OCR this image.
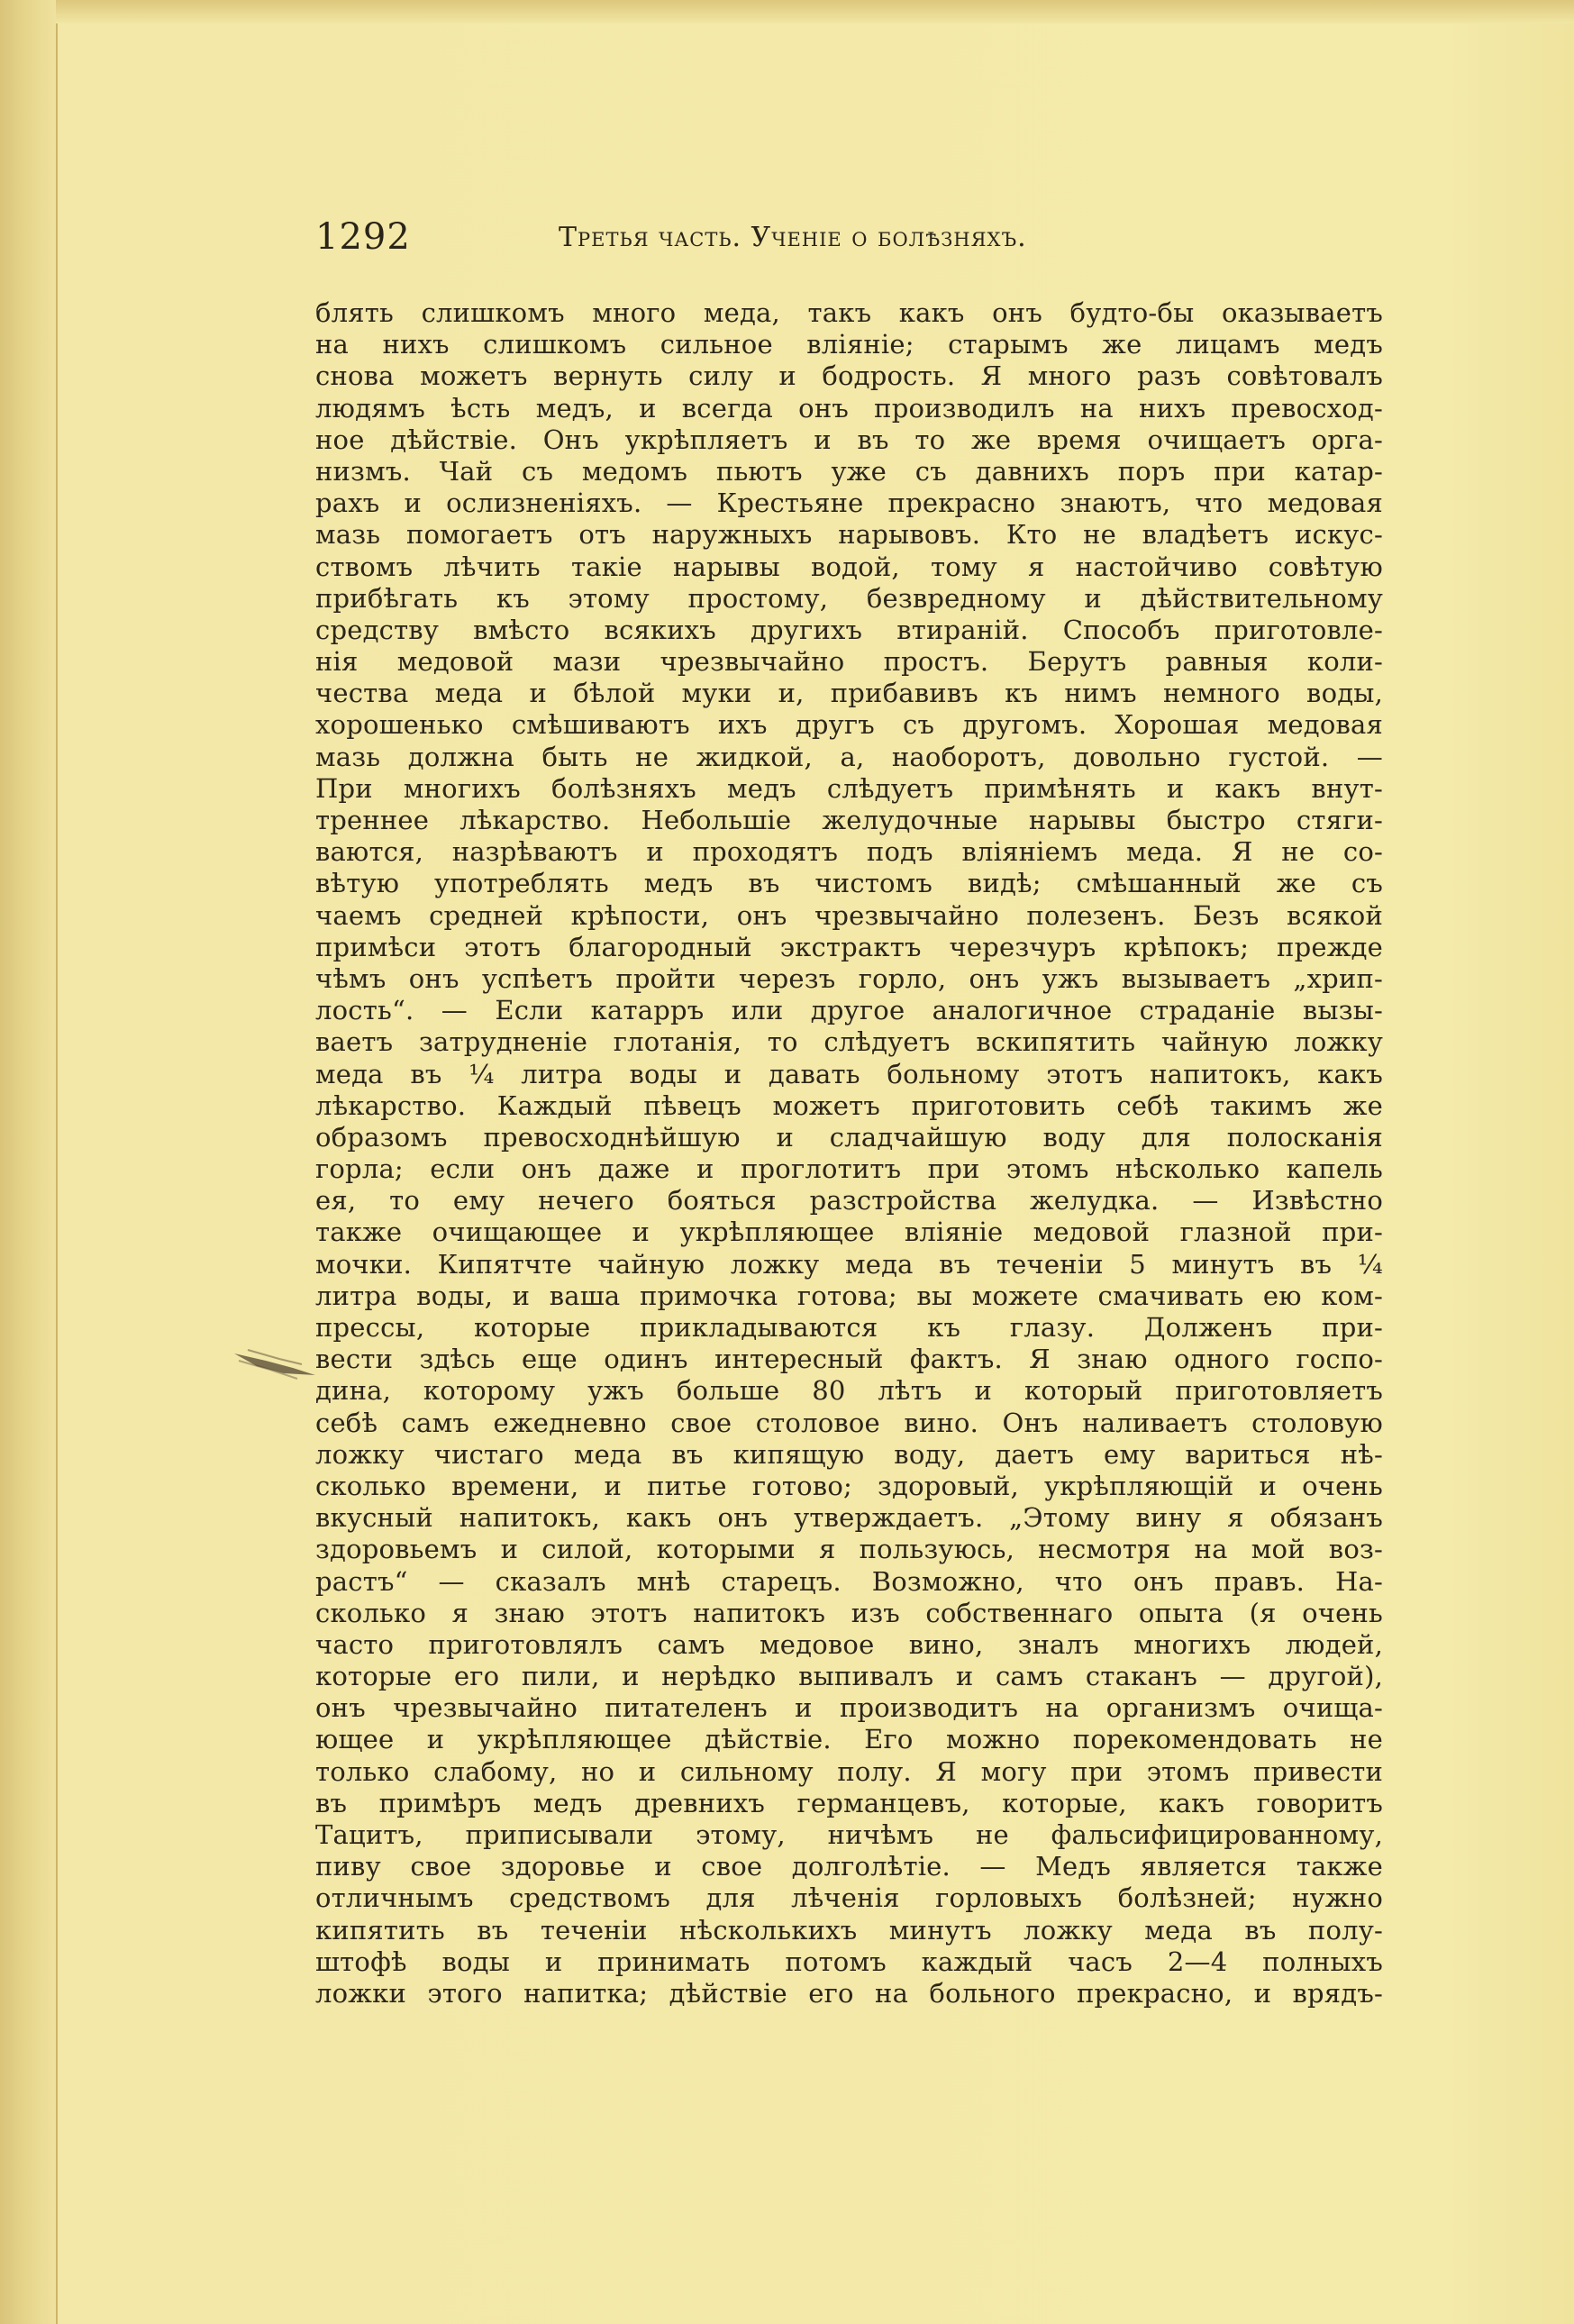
1292	Третья часть. Ученіе о болѣзняхъ.
блять слишкомъ много меда, такъ какъ онъ будто-бы оказываетъ
на нихъ слишкомъ сильное вліяніе; старымъ же лицамъ медъ
снова можетъ вернуть силу и бодрость. Я много разъ совѣтовалъ
людямъ ѣсть медъ, и всегда онъ производилъ на нихъ превосход-
ное дѣйствіе. Онъ укрѣпляетъ и въ то же время очищаетъ орга-
низмъ. Чай съ медомъ пьютъ уже съ давнихъ поръ при катар-
рахъ и ослизненіяхъ. — Крестьяне прекрасно знаютъ, что медовая
мазь помогаетъ отъ наружныхъ нарывовъ. Кто не владѣетъ искус-
ствомъ лѣчить такіе нарывы водой, тому я настойчиво совѣтую
прибѣгать къ этому простому, безвредному и дѣйствительному
средству вмѣсто всякихъ другихъ втираній. Способъ приготовле-
нія медовой мази чрезвычайно простъ. Берутъ равныя коли-
чества меда и бѣлой муки и, прибавивъ къ нимъ немного воды,
хорошенько смѣшиваютъ ихъ другъ съ другомъ. Хорошая медовая
мазь должна быть не жидкой, а, наоборотъ, довольно густой. —
При многихъ болѣзняхъ медъ слѣдуетъ примѣнять и какъ внут-
треннее лѣкарство. Небольшіе желудочные нарывы быстро стяги-
ваются, назрѣваютъ и проходятъ подъ вліяніемъ меда. Я не со-
вѣтую употреблять медъ въ чистомъ видѣ; смѣшанный же съ
чаемъ средней крѣпости, онъ чрезвычайно полезенъ. Безъ всякой
примѣси этотъ благородный экстрактъ черезчуръ крѣпокъ; прежде
чѣмъ онъ успѣетъ пройти черезъ горло, онъ ужъ вызываетъ „хрип-
лость“. — Если катарръ или другое аналогичное страданіе вызы-
ваетъ затрудненіе глотанія, то слѣдуетъ вскипятить чайную ложку
меда въ ¼ литра воды и давать больному этотъ напитокъ, какъ
лѣкарство. Каждый пѣвецъ можетъ приготовить себѣ такимъ же
образомъ превосходнѣйшую и сладчайшую воду для полосканія
горла; если онъ даже и проглотитъ при этомъ нѣсколько капель
ея, то ему нечего бояться разстройства желудка. — Извѣстно
также очищающее и укрѣпляющее вліяніе медовой глазной при-
мочки. Кипятчте чайную ложку меда въ теченіи 5 минутъ въ ¼
литра воды, и ваша примочка готова; вы можете смачивать ею ком-
прессы, которые прикладываются къ глазу. Долженъ при-
вести здѣсь еще одинъ интересный фактъ. Я знаю одного госпо-
дина, которому ужъ больше 80 лѣтъ и который приготовляетъ
себѣ самъ ежедневно свое столовое вино. Онъ наливаетъ столовую
ложку чистаго меда въ кипящую воду, даетъ ему вариться нѣ-
сколько времени, и питье готово; здоровый, укрѣпляющій и очень
вкусный напитокъ, какъ онъ утверждаетъ. „Этому вину я обязанъ
здоровьемъ и силой, которыми я пользуюсь, несмотря на мой воз-
растъ“ — сказалъ мнѣ старецъ. Возможно, что онъ правъ. На-
сколько я знаю этотъ напитокъ изъ собственнаго опыта (я очень
часто приготовлялъ самъ медовое вино, зналъ многихъ людей,
которые его пили, и нерѣдко выпивалъ и самъ стаканъ — другой),
онъ чрезвычайно питателенъ и производитъ на организмъ очища-
ющее и укрѣпляющее дѣйствіе. Его можно порекомендовать не
только слабому, но и сильному полу. Я могу при этомъ привести
въ примѣръ медъ древнихъ германцевъ, которые, какъ говоритъ
Тацитъ, приписывали этому, ничѣмъ не фальсифицированному,
пиву свое здоровье и свое долголѣтіе. — Медъ является также
отличнымъ средствомъ для лѣченія горловыхъ болѣзней; нужно
кипятить въ теченіи нѣсколькихъ минутъ ложку меда въ полу-
штофѣ воды и принимать потомъ каждый часъ 2—4 полныхъ
ложки этого напитка; дѣйствіе его на больного прекрасно, и врядъ-
